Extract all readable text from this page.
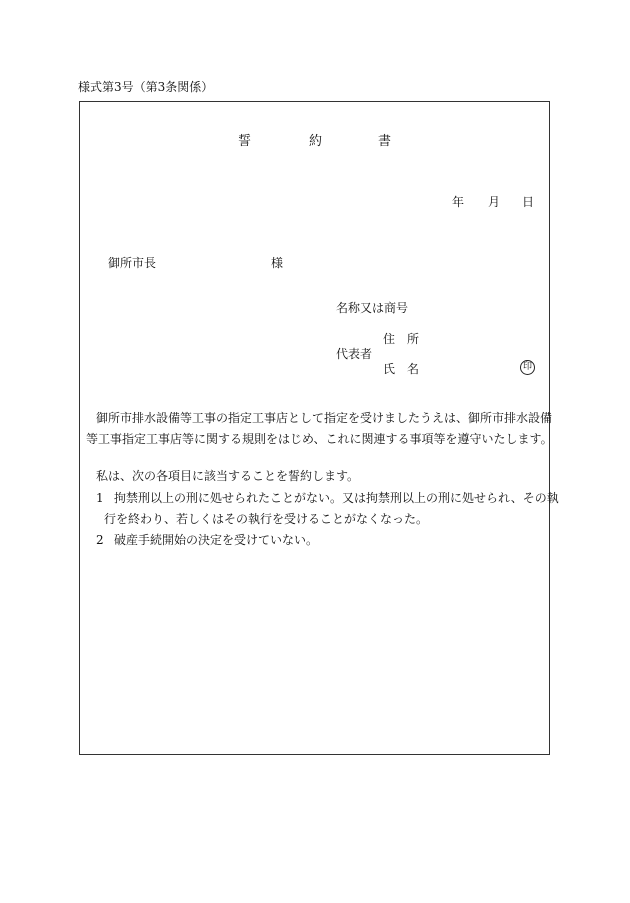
様式第3号（第3条関係）
誓	約	書
年 月 日
御所市長	様
名称又は商号
住　所
代表者
氏　名	印
御所市排水設備等工事の指定工事店として指定を受けましたうえは、御所市排水設備
等工事指定工事店等に関する規則をはじめ、これに関連する事項等を遵守いたします。
私は、次の各項目に該当することを誓約します。
1 拘禁刑以上の刑に処せられたことがない。又は拘禁刑以上の刑に処せられ、その執
行を終わり、若しくはその執行を受けることがなくなった。
2 破産手続開始の決定を受けていない。
